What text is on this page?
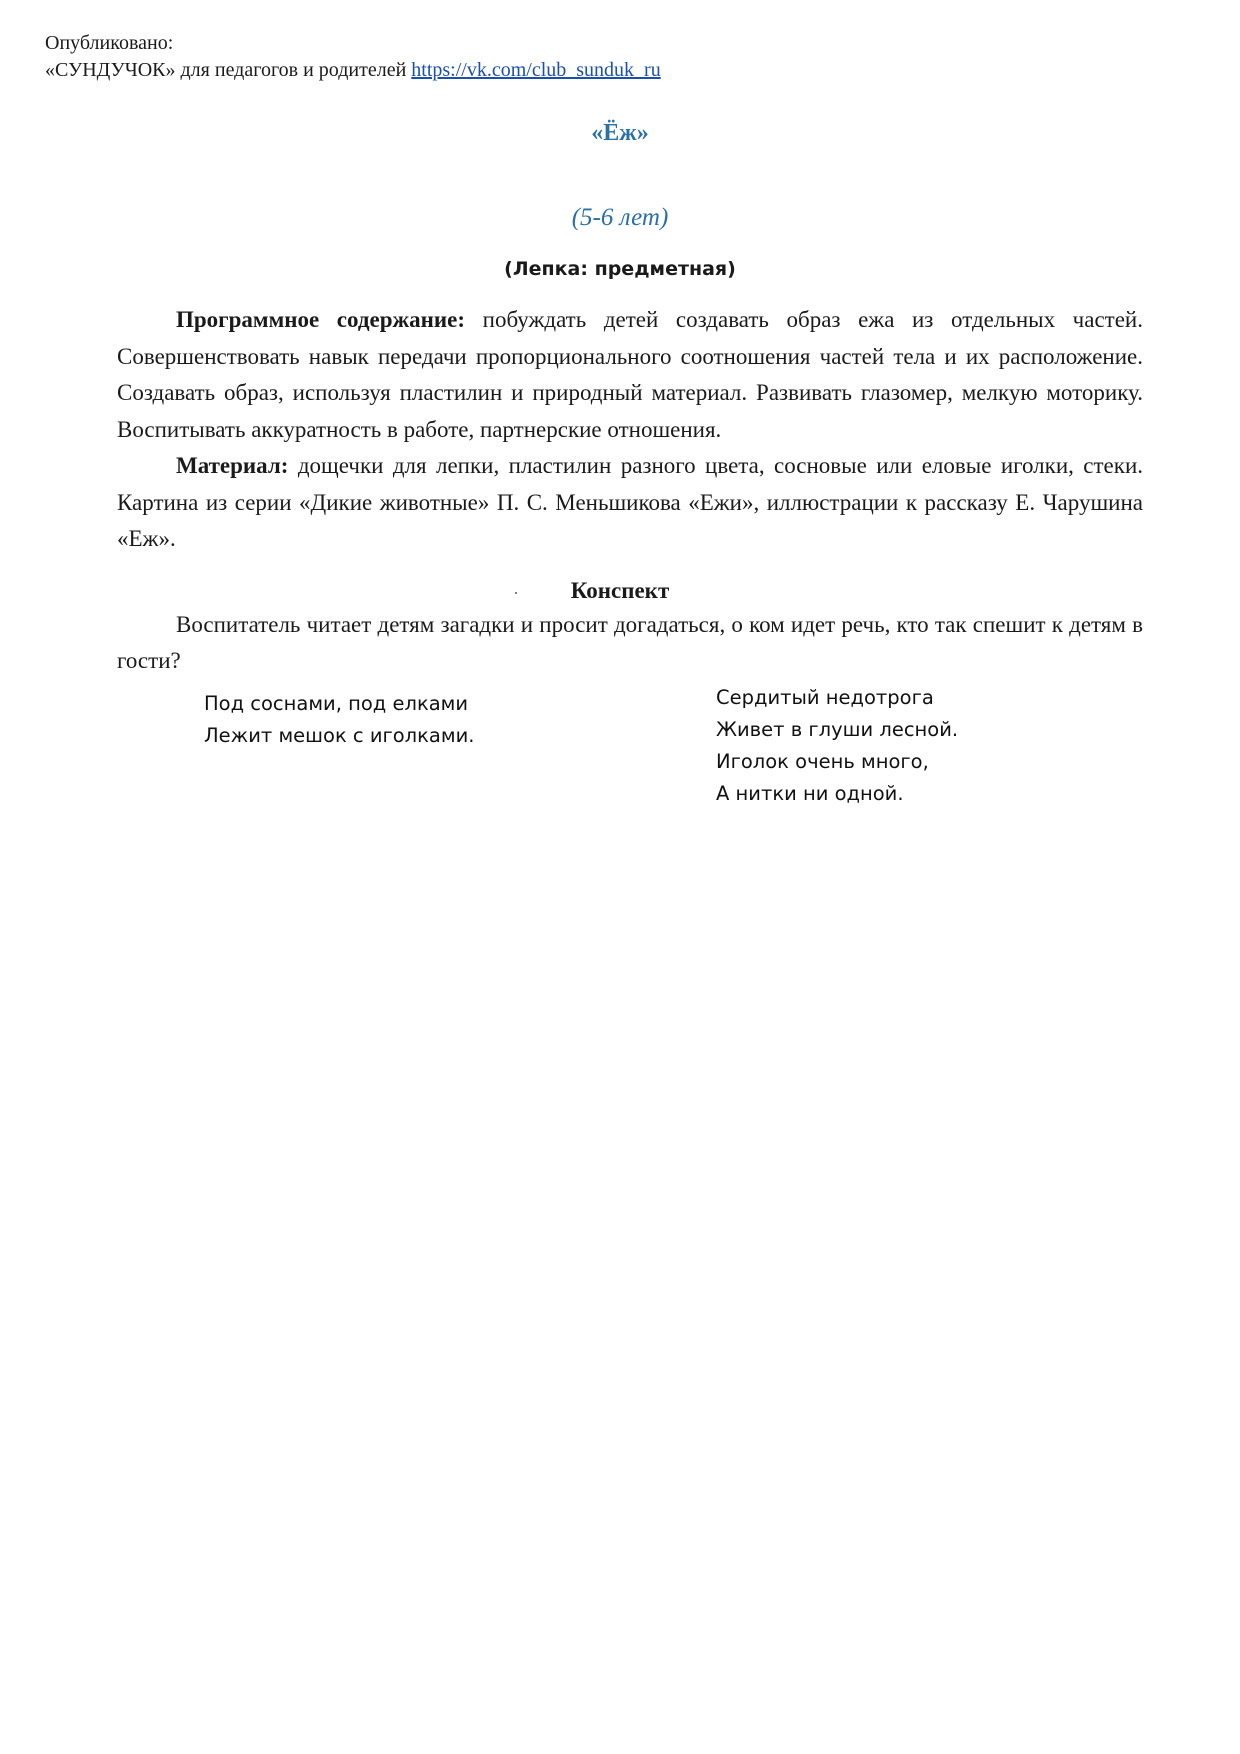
Опубликовано:
«СУНДУЧОК» для педагогов и родителей https://vk.com/club_sunduk_ru
«Ёж»
(5-6 лет)
(Лепка: предметная)

Программное содержание: побуждать детей создавать образ ежа из отдельных частей. Совершенствовать навык передачи пропорционального соотношения частей тела и их расположение. Создавать образ, используя пластилин и природный материал. Развивать глазомер, мелкую моторику. Воспитывать аккуратность в работе, партнерские отношения.

Материал: дощечки для лепки, пластилин разного цвета, сосновые или еловые иголки, стеки. Картина из серии «Дикие животные» П. С. Меньшикова «Ежи», иллюстрации к рассказу Е. Чарушина «Еж».

Конспект

Воспитатель читает детям загадки и просит догадаться, о ком идет речь, кто так спешит к детям в гости?

Под соснами, под елками
Лежит мешок с иголками.
Сердитый недотрога
Живет в глуши лесной.
Иголок очень много,
А нитки ни одной.
